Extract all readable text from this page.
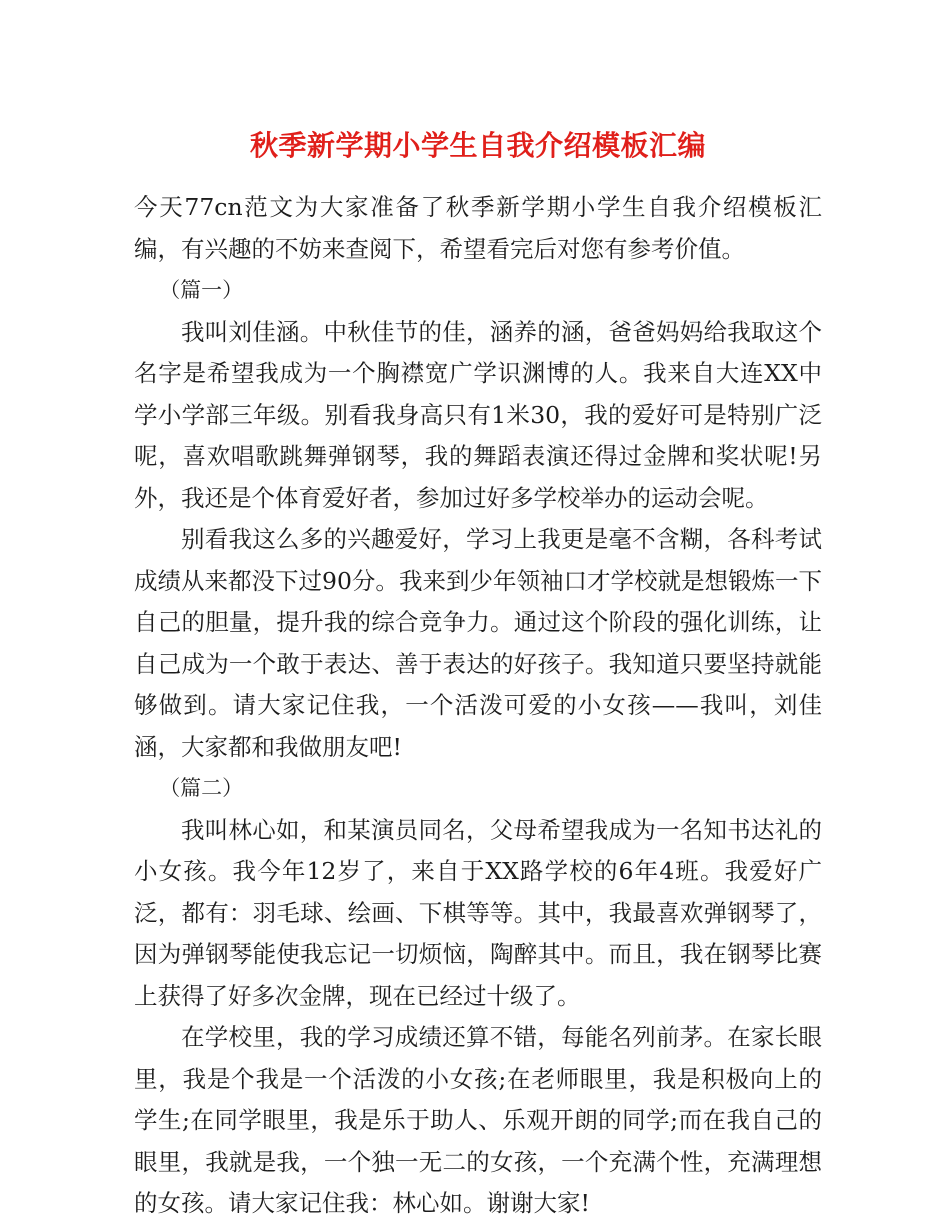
秋季新学期小学生自我介绍模板汇编

今天77cn范文为大家准备了秋季新学期小学生自我介绍模板汇编，有兴趣的不妨来查阅下，希望看完后对您有参考价值。

（篇一）

我叫刘佳涵。中秋佳节的佳，涵养的涵，爸爸妈妈给我取这个名字是希望我成为一个胸襟宽广学识渊博的人。我来自大连XX中学小学部三年级。别看我身高只有1米30，我的爱好可是特别广泛呢，喜欢唱歌跳舞弹钢琴，我的舞蹈表演还得过金牌和奖状呢!另外，我还是个体育爱好者，参加过好多学校举办的运动会呢。

别看我这么多的兴趣爱好，学习上我更是毫不含糊，各科考试成绩从来都没下过90分。我来到少年领袖口才学校就是想锻炼一下自己的胆量，提升我的综合竞争力。通过这个阶段的强化训练，让自己成为一个敢于表达、善于表达的好孩子。我知道只要坚持就能够做到。请大家记住我，一个活泼可爱的小女孩——我叫，刘佳涵，大家都和我做朋友吧!

（篇二）

我叫林心如，和某演员同名，父母希望我成为一名知书达礼的小女孩。我今年12岁了，来自于XX路学校的6年4班。我爱好广泛，都有：羽毛球、绘画、下棋等等。其中，我最喜欢弹钢琴了，因为弹钢琴能使我忘记一切烦恼，陶醉其中。而且，我在钢琴比赛上获得了好多次金牌，现在已经过十级了。

在学校里，我的学习成绩还算不错，每能名列前茅。在家长眼里，我是个我是一个活泼的小女孩;在老师眼里，我是积极向上的学生;在同学眼里，我是乐于助人、乐观开朗的同学;而在我自己的眼里，我就是我，一个独一无二的女孩，一个充满个性，充满理想的女孩。请大家记住我：林心如。谢谢大家!
